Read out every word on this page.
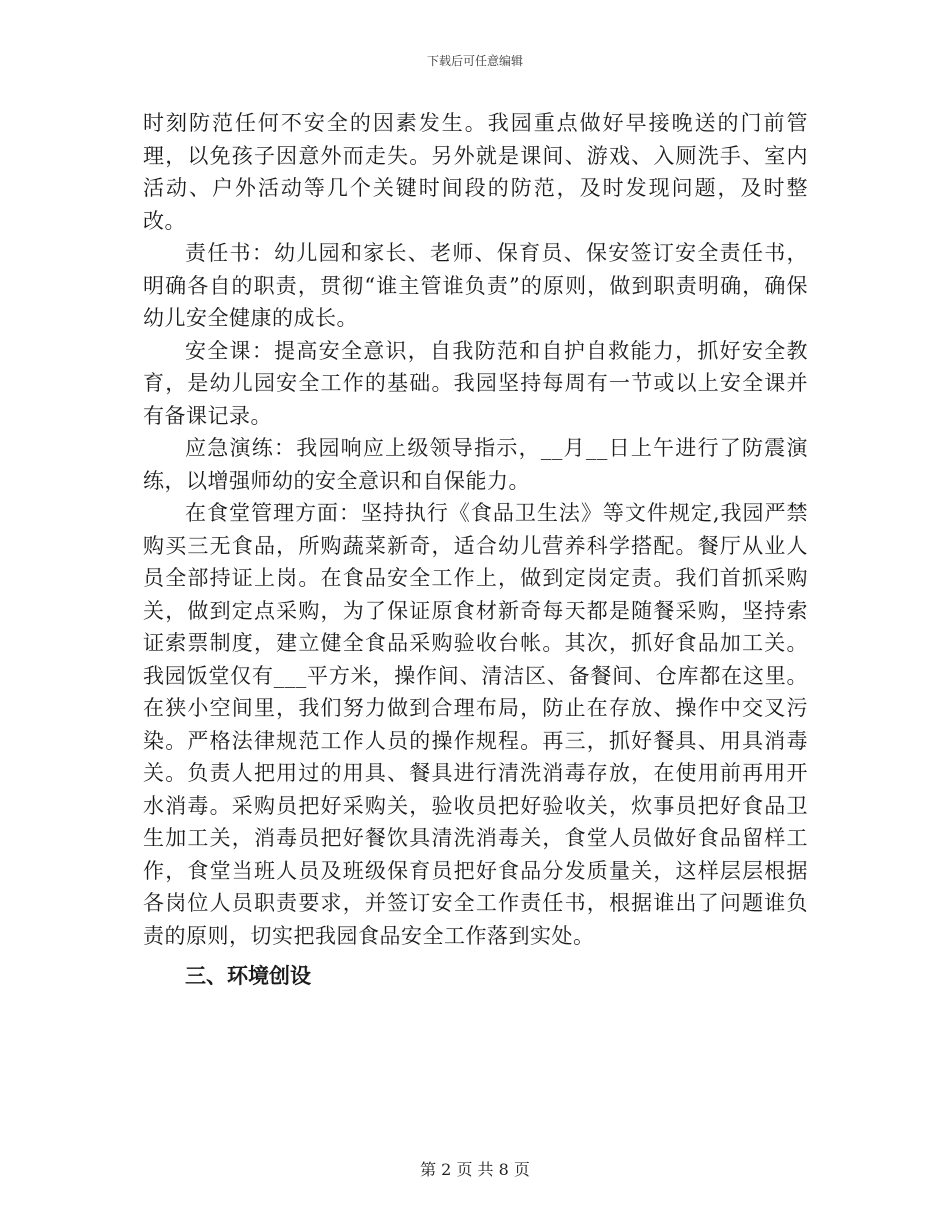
下载后可任意编辑

时刻防范任何不安全的因素发生。我园重点做好早接晚送的门前管理，以免孩子因意外而走失。另外就是课间、游戏、入厕洗手、室内活动、户外活动等几个关键时间段的防范，及时发现问题，及时整改。

责任书：幼儿园和家长、老师、保育员、保安签订安全责任书，明确各自的职责，贯彻“谁主管谁负责”的原则，做到职责明确，确保幼儿安全健康的成长。

安全课：提高安全意识，自我防范和自护自救能力，抓好安全教育，是幼儿园安全工作的基础。我园坚持每周有一节或以上安全课并有备课记录。

应急演练：我园响应上级领导指示，__月__日上午进行了防震演练，以增强师幼的安全意识和自保能力。

在食堂管理方面：坚持执行《食品卫生法》等文件规定,我园严禁购买三无食品，所购蔬菜新奇，适合幼儿营养科学搭配。餐厅从业人员全部持证上岗。在食品安全工作上，做到定岗定责。我们首抓采购关，做到定点采购，为了保证原食材新奇每天都是随餐采购，坚持索证索票制度，建立健全食品采购验收台帐。其次，抓好食品加工关。我园饭堂仅有___平方米，操作间、清洁区、备餐间、仓库都在这里。在狭小空间里，我们努力做到合理布局，防止在存放、操作中交叉污染。严格法律规范工作人员的操作规程。再三，抓好餐具、用具消毒关。负责人把用过的用具、餐具进行清洗消毒存放，在使用前再用开水消毒。采购员把好采购关，验收员把好验收关，炊事员把好食品卫生加工关，消毒员把好餐饮具清洗消毒关，食堂人员做好食品留样工作，食堂当班人员及班级保育员把好食品分发质量关，这样层层根据各岗位人员职责要求，并签订安全工作责任书，根据谁出了问题谁负责的原则，切实把我园食品安全工作落到实处。

三、环境创设
第 2 页 共 8 页
